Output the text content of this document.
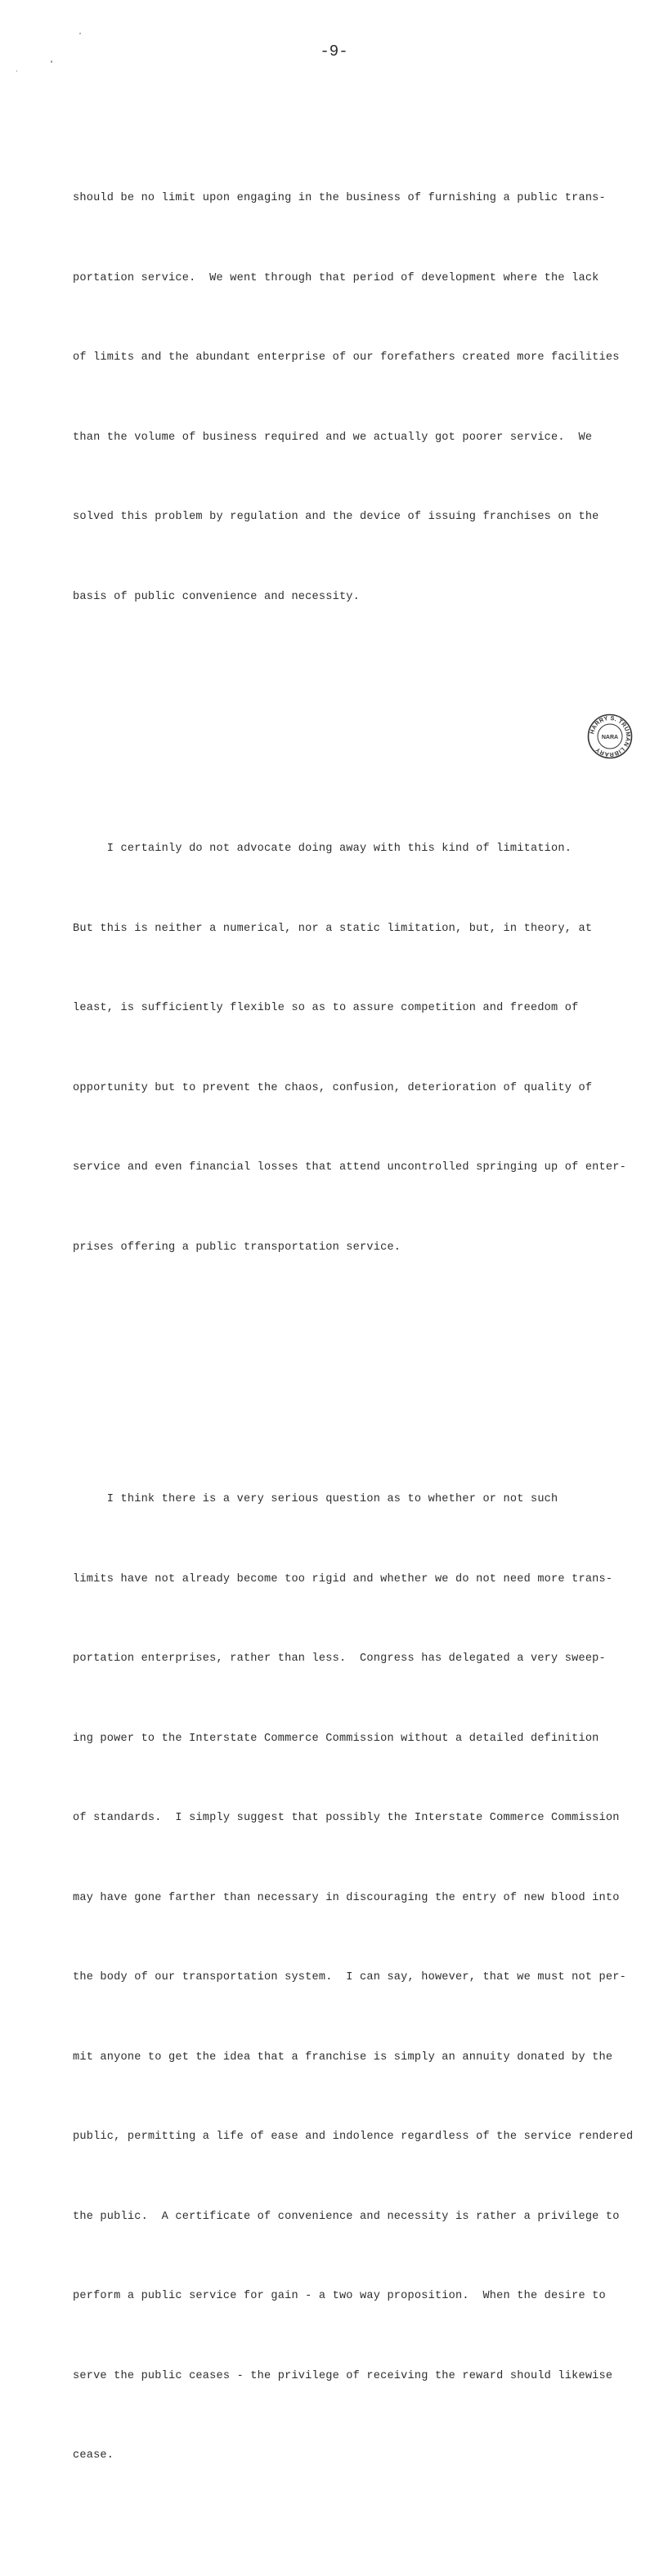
-9-

should be no limit upon engaging in the business of furnishing a public trans-

portation service.  We went through that period of development where the lack

of limits and the abundant enterprise of our forefathers created more facilities

than the volume of business required and we actually got poorer service.  We

solved this problem by regulation and the device of issuing franchises on the

basis of public convenience and necessity.

I certainly do not advocate doing away with this kind of limitation.

But this is neither a numerical, nor a static limitation, but, in theory, at

least, is sufficiently flexible so as to assure competition and freedom of

opportunity but to prevent the chaos, confusion, deterioration of quality of

service and even financial losses that attend uncontrolled springing up of enter-

prises offering a public transportation service.

I think there is a very serious question as to whether or not such

limits have not already become too rigid and whether we do not need more trans-

portation enterprises, rather than less.  Congress has delegated a very sweep-

ing power to the Interstate Commerce Commission without a detailed definition

of standards.  I simply suggest that possibly the Interstate Commerce Commission

may have gone farther than necessary in discouraging the entry of new blood into

the body of our transportation system.  I can say, however, that we must not per-

mit anyone to get the idea that a franchise is simply an annuity donated by the

public, permitting a life of ease and indolence regardless of the service rendered

the public.  A certificate of convenience and necessity is rather a privilege to

perform a public service for gain - a two way proposition.  When the desire to

serve the public ceases - the privilege of receiving the reward should likewise

cease.

HARRY S. TRUMAN LIBRARY
NARA
